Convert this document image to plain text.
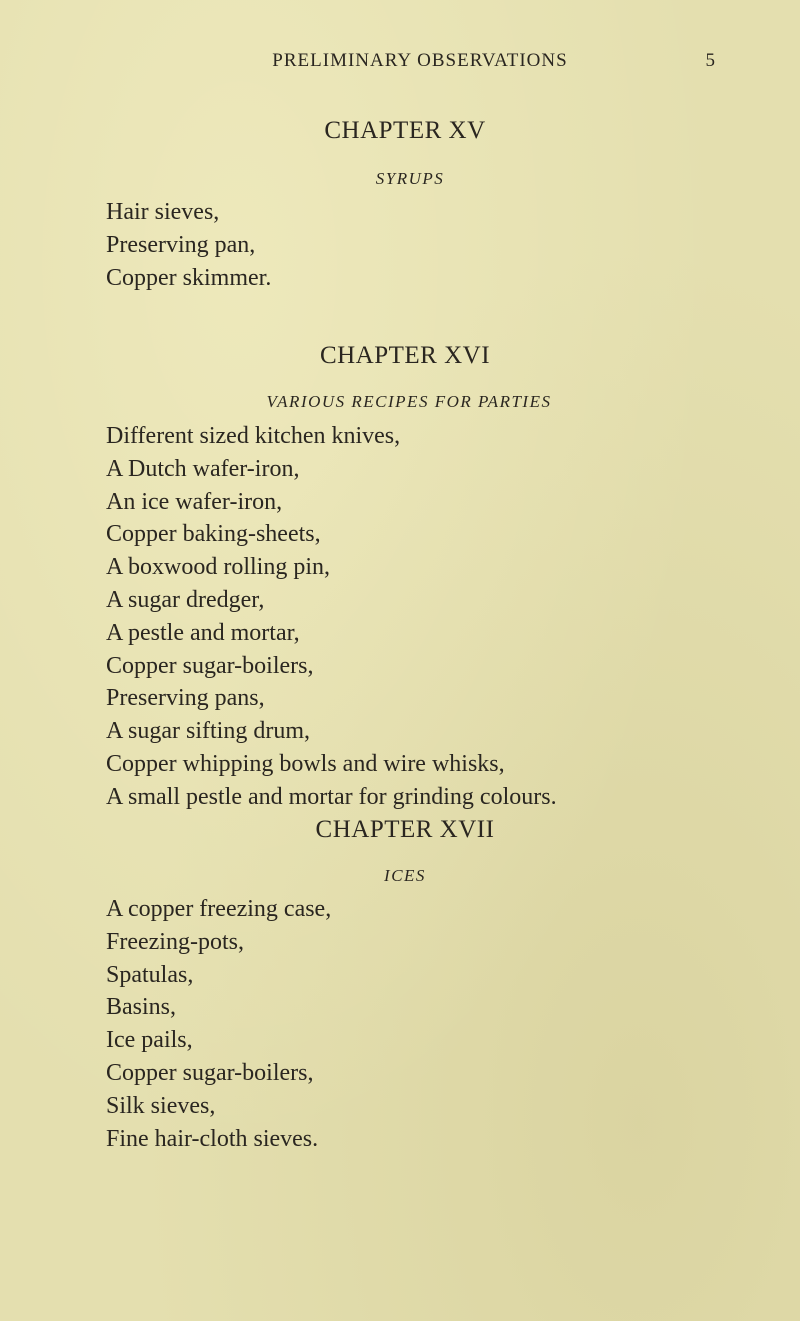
PRELIMINARY OBSERVATIONS	5
CHAPTER XV
SYRUPS
Hair sieves,
Preserving pan,
Copper skimmer.
CHAPTER XVI
VARIOUS RECIPES FOR PARTIES
Different sized kitchen knives,
A Dutch wafer-iron,
An ice wafer-iron,
Copper baking-sheets,
A boxwood rolling pin,
A sugar dredger,
A pestle and mortar,
Copper sugar-boilers,
Preserving pans,
A sugar sifting drum,
Copper whipping bowls and wire whisks,
A small pestle and mortar for grinding colours.
CHAPTER XVII
ICES
A copper freezing case,
Freezing-pots,
Spatulas,
Basins,
Ice pails,
Copper sugar-boilers,
Silk sieves,
Fine hair-cloth sieves.
